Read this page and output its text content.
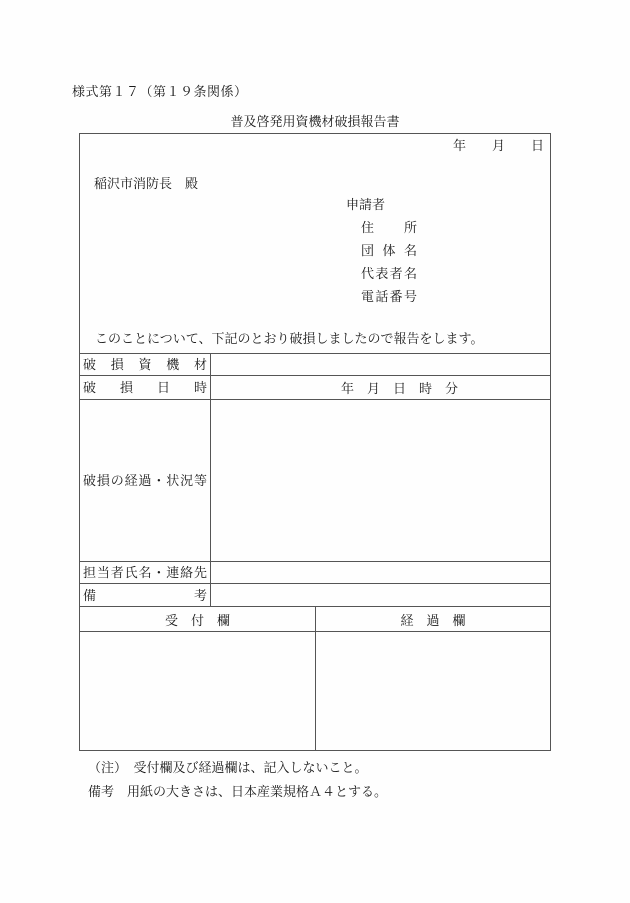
様式第１７（第１９条関係）
普及啓発用資機材破損報告書
年　　月　　日
稲沢市消防長　殿
申請者
住所
団体名
代表者名
電話番号
このことについて、下記のとおり破損しましたので報告をします。
破損資機材
破損日時	年　月　日　時　分
破損の経過・状況等
担当者氏名・連絡先
備考
受　付　欄	経　過　欄
（注）　受付欄及び経過欄は、記入しないこと。
備考　用紙の大きさは、日本産業規格Ａ４とする。
